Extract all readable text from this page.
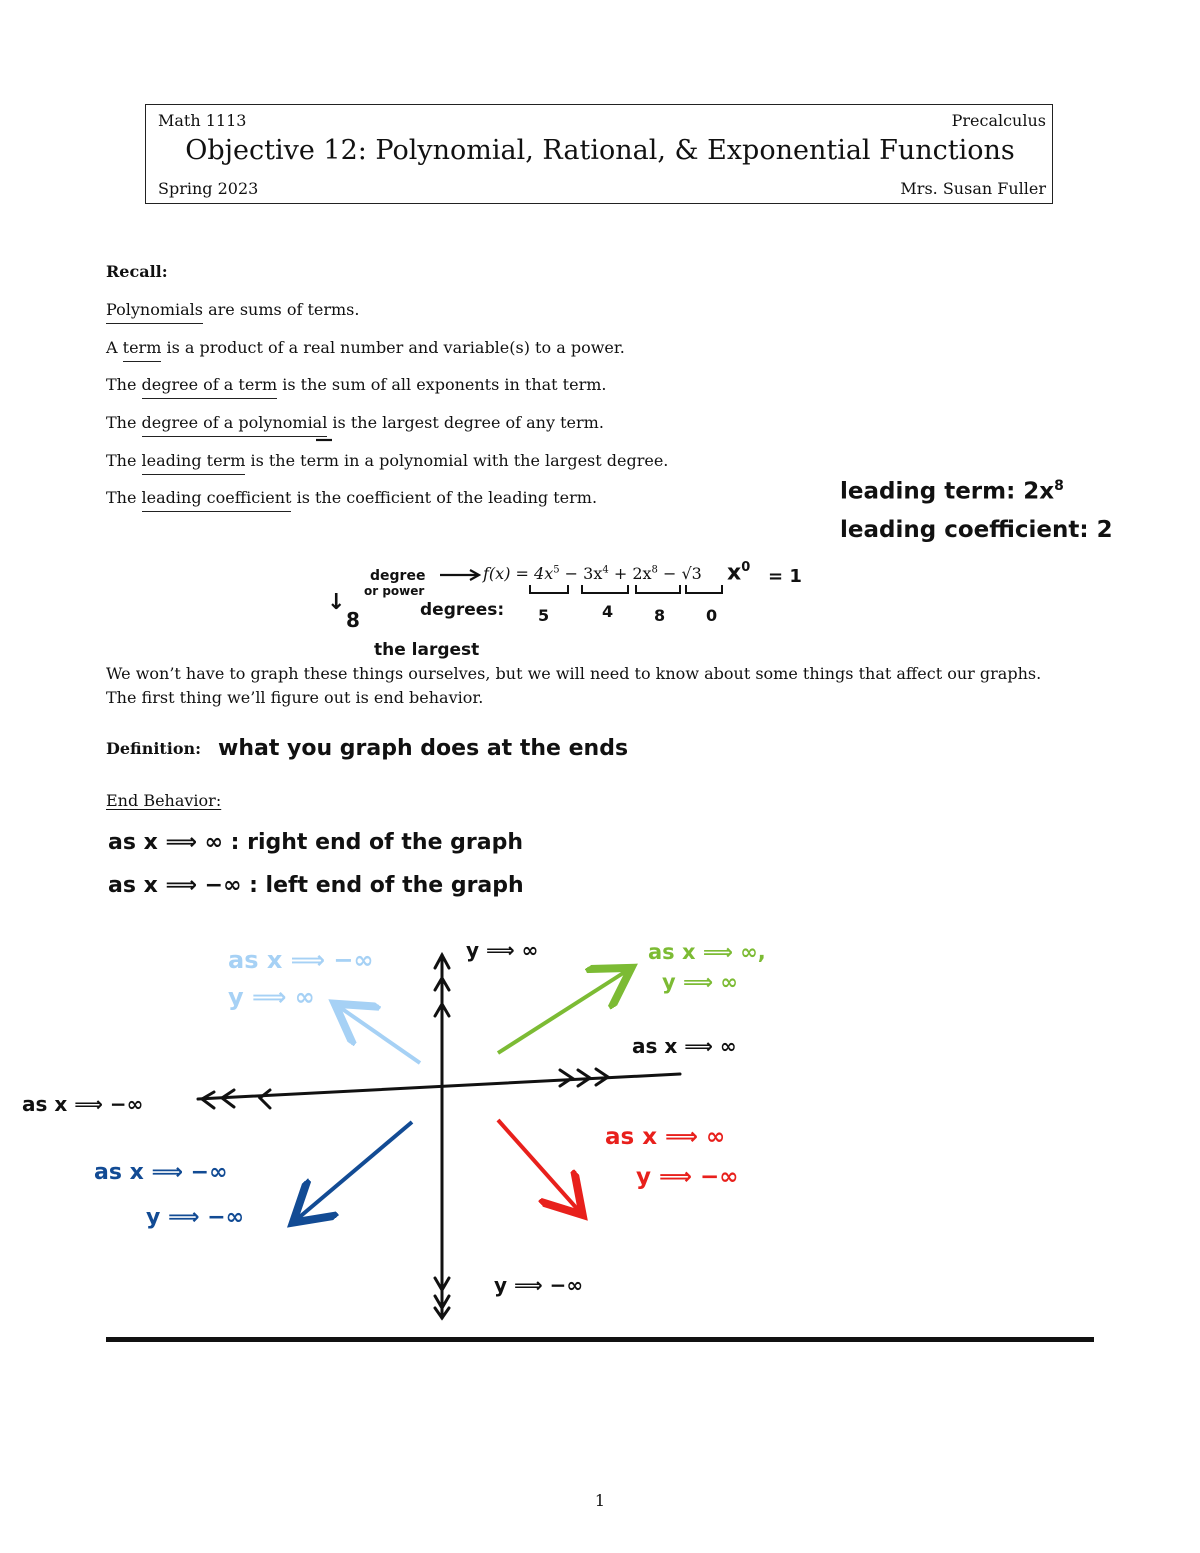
Math 1113	Precalculus
Objective 12: Polynomial, Rational, & Exponential Functions
Spring 2023	Mrs. Susan Fuller
Recall:
Polynomials are sums of terms.
A term is a product of a real number and variable(s) to a power.
The degree of a term is the sum of all exponents in that term.
The degree of a polynomial is the largest degree of any term.
The leading term is the term in a polynomial with the largest degree.
The leading coefficient is the coefficient of the leading term.	leading term: $2x^8$
leading coefficient: 2
$f(x) = 4x^5 - 3x^4 + 2x^8 - √3$ $x^0 = 1$
degree
or power
degrees: 5	4	8	0
↓
8
the largest
We won’t have to graph these things ourselves, but we will need to know about some things that affect our graphs.
The first thing we’ll figure out is end behavior.
Definition: what you graph does at the ends
End Behavior:
as x ⟹ ∞ : right end of the graph
as x ⟹ −∞ : left end of the graph
y ⟹ ∞
y ⟹ −∞
as x ⟹ ∞
as x ⟹ −∞
as x ⟹ −∞
y ⟹ ∞
as x ⟹ ∞,
y ⟹ ∞
as x ⟹ ∞
y ⟹ −∞
as x ⟹ −∞
y ⟹ −∞
1
